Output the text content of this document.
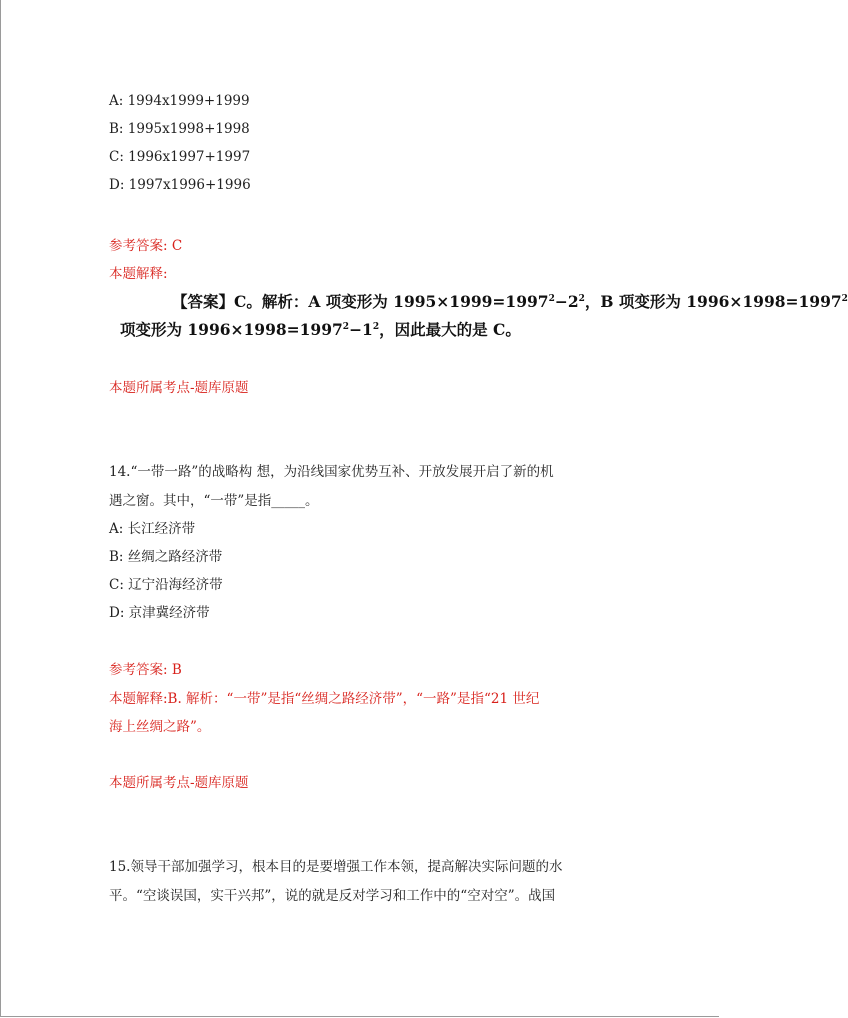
A: 1994x1999+1999
B: 1995x1998+1998
C: 1996x1997+1997
D: 1997x1996+1996
参考答案: C
本题解释:
【答案】C。解析：A 项变形为 $1995\times 1999=1997^2-2^2$，B 项变形为 $1996\times 1998=1997^2$
项变形为 $1996\times 1998=1997^2-1^2$，因此最大的是 C。
本题所属考点-题库原题
14.“一带一路”的战略构 想，为沿线国家优势互补、开放发展开启了新的机
遇之窗。其中，“一带”是指_____。
A: 长江经济带
B: 丝绸之路经济带
C: 辽宁沿海经济带
D: 京津冀经济带
参考答案: B
本题解释:B. 解析：“一带”是指“丝绸之路经济带”，“一路”是指“21 世纪
海上丝绸之路”。
本题所属考点-题库原题
15.领导干部加强学习，根本目的是要增强工作本领，提高解决实际问题的水
平。“空谈误国，实干兴邦”，说的就是反对学习和工作中的“空对空”。战国
